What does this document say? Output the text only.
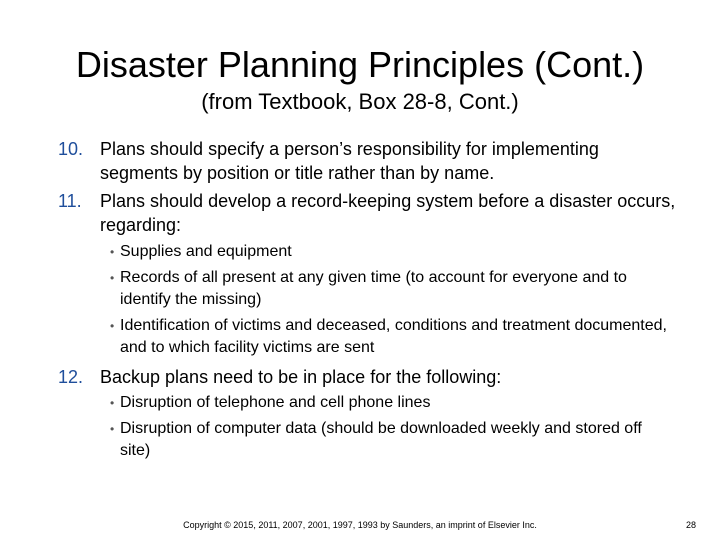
Disaster Planning Principles (Cont.)
(from Textbook, Box 28-8, Cont.)
10. Plans should specify a person’s responsibility for implementing segments by position or title rather than by name.
11.	Plans should develop a record-keeping system before a disaster occurs, regarding:
• Supplies and equipment
• Records of all present at any given time (to account for everyone and to identify the missing)
• Identification of victims and deceased, conditions and treatment documented, and to which facility victims are sent
12. Backup plans need to be in place for the following:
• Disruption of telephone and cell phone lines
• Disruption of computer data (should be downloaded weekly and stored off site)
Copyright © 2015, 2011, 2007, 2001, 1997, 1993 by Saunders, an imprint of Elsevier Inc.	28
